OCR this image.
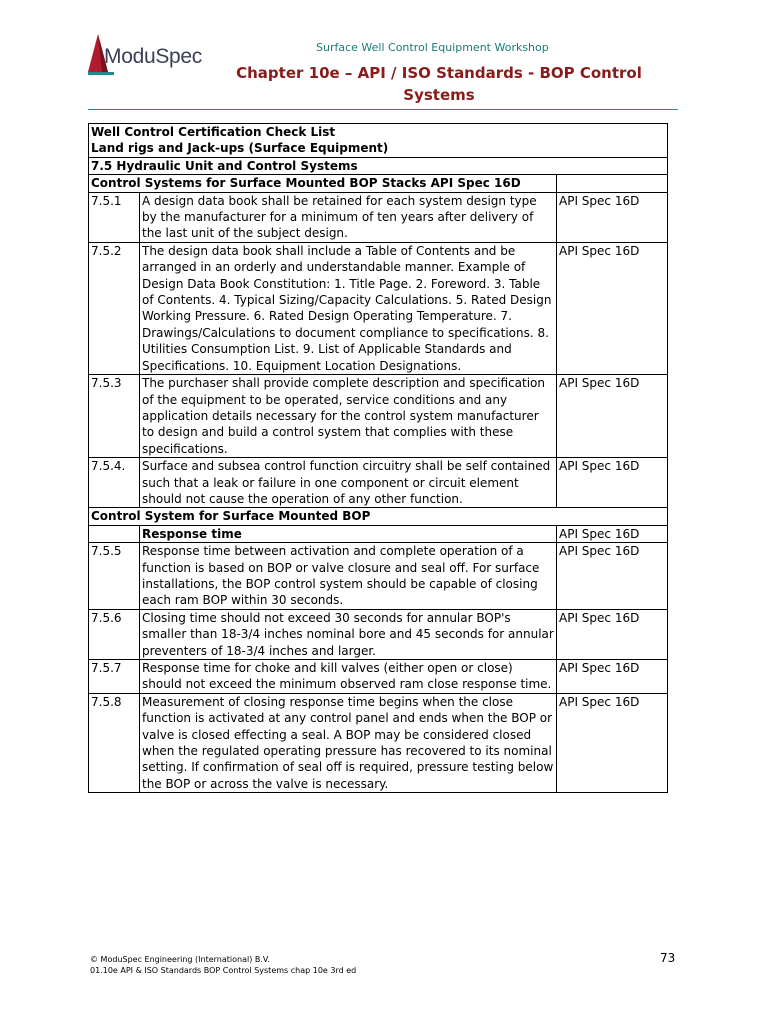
ModuSpec	Surface Well Control Equipment Workshop
Chapter 10e – API / ISO Standards - BOP Control Systems
Well Control Certification Check List
Land rigs and Jack-ups (Surface Equipment)		

7.5 Hydraulic Unit and Control Systems		
Control Systems for Surface Mounted BOP Stacks API Spec 16D		
7.5.1	A design data book shall be retained for each system design type by the manufacturer for a minimum of ten years after delivery of the last unit of the subject design.	API Spec 16D
7.5.2	The design data book shall include a Table of Contents and be arranged in an orderly and understandable manner. Example of Design Data Book Constitution: 1. Title Page. 2. Foreword. 3. Table of Contents. 4. Typical Sizing/Capacity Calculations. 5. Rated Design Working Pressure. 6. Rated Design Operating Temperature. 7. Drawings/Calculations to document compliance to specifications. 8. Utilities Consumption List. 9. List of Applicable Standards and Specifications. 10. Equipment Location Designations.	API Spec 16D
7.5.3	The purchaser shall provide complete description and specification of the equipment to be operated, service conditions and any application details necessary for the control system manufacturer to design and build a control system that complies with these specifications.	API Spec 16D
7.5.4.	Surface and subsea control function circuitry shall be self contained such that a leak or failure in one component or circuit element should not cause the operation of any other function.	API Spec 16D
Control System for Surface Mounted BOP		
	Response time	API Spec 16D
7.5.5	Response time between activation and complete operation of a function is based on BOP or valve closure and seal off. For surface installations, the BOP control system should be capable of closing each ram BOP within 30 seconds.	API Spec 16D
7.5.6	Closing time should not exceed 30 seconds for annular BOP's smaller than 18-3/4 inches nominal bore and 45 seconds for annular preventers of 18-3/4 inches and larger.	API Spec 16D
7.5.7	Response time for choke and kill valves (either open or close) should not exceed the minimum observed ram close response time.	API Spec 16D
7.5.8	Measurement of closing response time begins when the close function is activated at any control panel and ends when the BOP or valve is closed effecting a seal. A BOP may be considered closed when the regulated operating pressure has recovered to its nominal setting. If confirmation of seal off is required, pressure testing below the BOP or across the valve is necessary.	API Spec 16D
© ModuSpec Engineering (International) B.V.
01.10e API & ISO Standards BOP Control Systems chap 10e 3rd ed
73
